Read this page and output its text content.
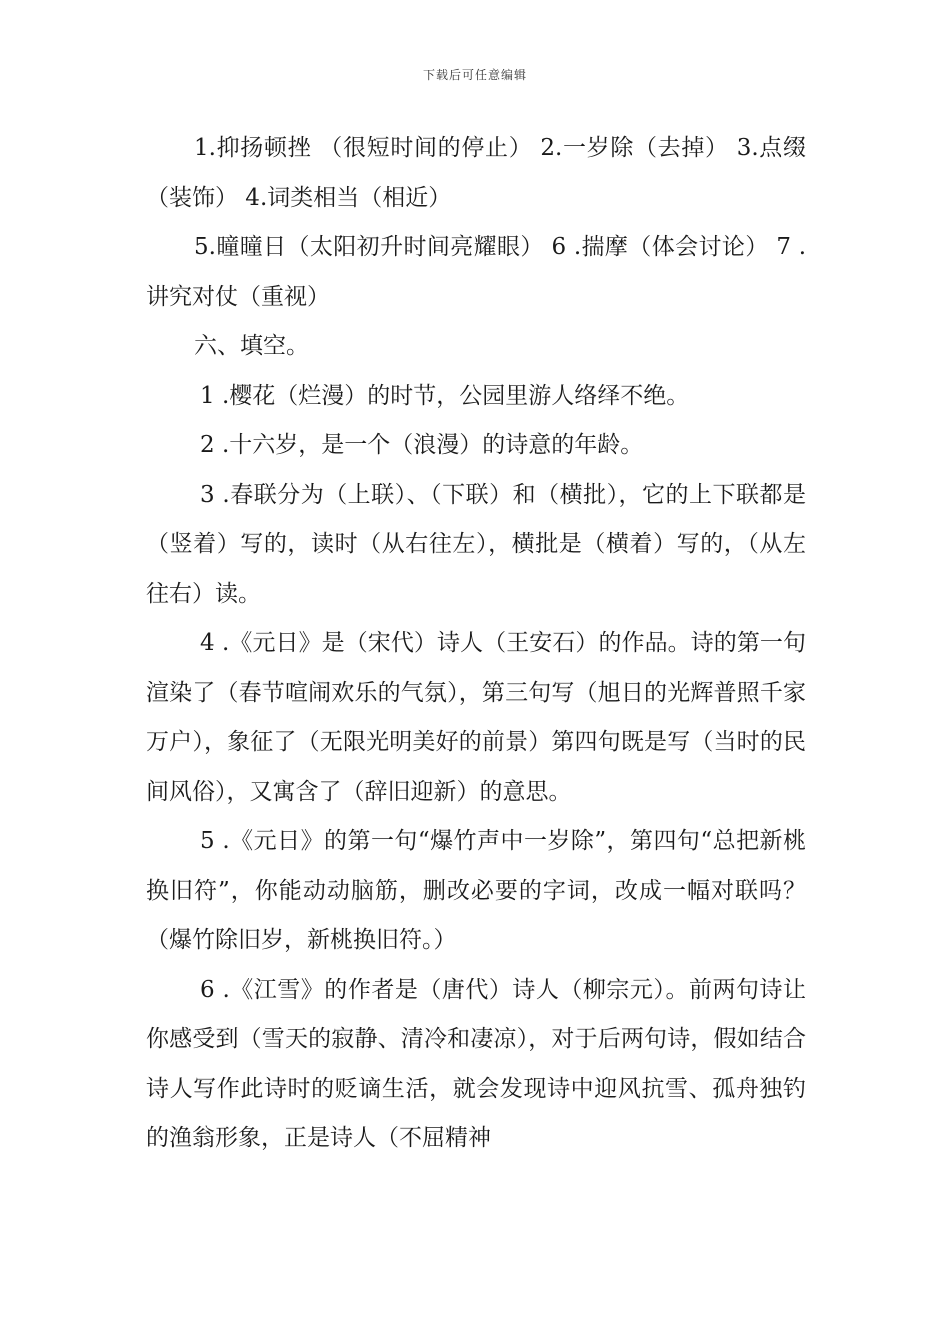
下载后可任意编辑

1.抑扬顿挫 （很短时间的停止） 2.一岁除（去掉） 3.点缀（装饰） 4.词类相当（相近）

5.曈曈日（太阳初升时间亮耀眼） 6 .揣摩（体会讨论） 7 .讲究对仗（重视）

六、填空。

1 .樱花（烂漫）的时节，公园里游人络绎不绝。

2 .十六岁，是一个（浪漫）的诗意的年龄。

3 .春联分为（上联）、（下联）和（横批），它的上下联都是（竖着）写的，读时（从右往左），横批是（横着）写的，（从左往右）读。

4 .《元日》是（宋代）诗人（王安石）的作品。诗的第一句渲染了（春节喧闹欢乐的气氛），第三句写（旭日的光辉普照千家万户），象征了（无限光明美好的前景）第四句既是写（当时的民间风俗），又寓含了（辞旧迎新）的意思。

5 .《元日》的第一句“爆竹声中一岁除”，第四句“总把新桃换旧符”，你能动动脑筋，删改必要的字词，改成一幅对联吗？（爆竹除旧岁，新桃换旧符。）

6 .《江雪》的作者是（唐代）诗人（柳宗元）。前两句诗让你感受到（雪天的寂静、清冷和凄凉），对于后两句诗，假如结合诗人写作此诗时的贬谪生活，就会发现诗中迎风抗雪、孤舟独钓的渔翁形象，正是诗人（不屈精神
